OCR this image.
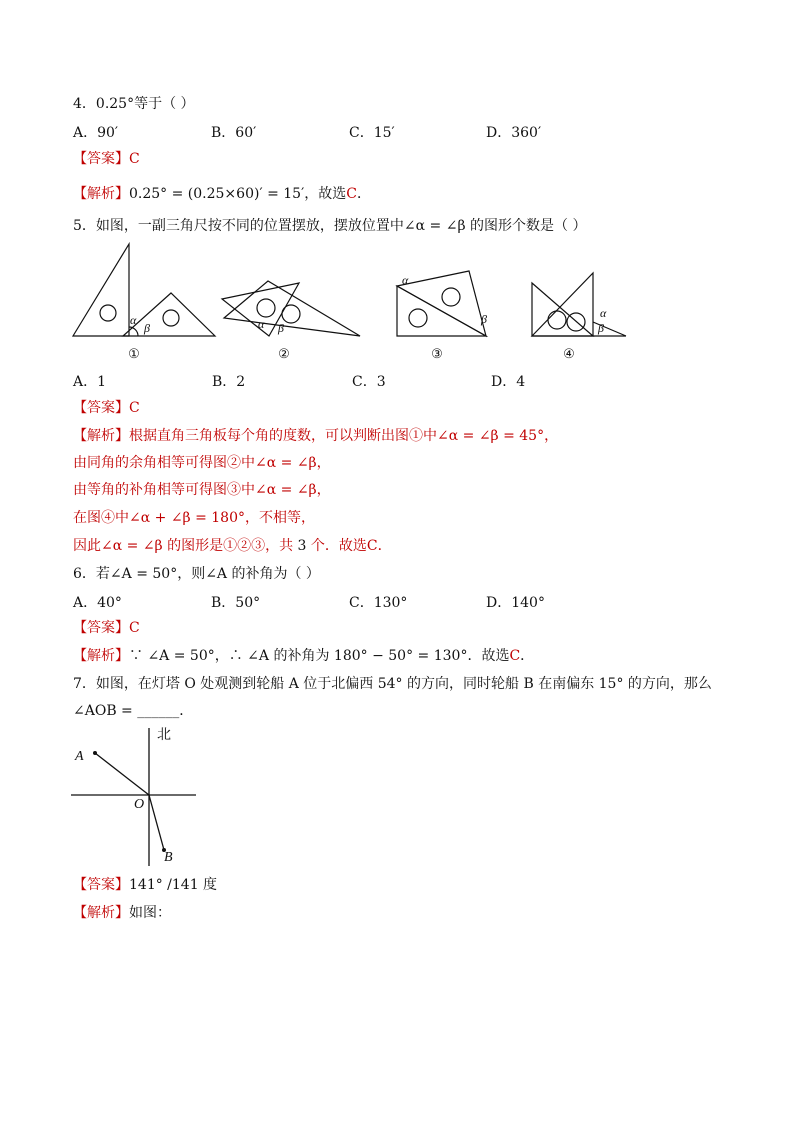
4．0.25°等于（ ）
A．90′	B．60′	C．15′	D．360′
【答案】C
【解析】0.25° = (0.25×60)′ = 15′，故选C．
5．如图，一副三角尺按不同的位置摆放，摆放位置中∠α = ∠β 的图形个数是（ ）
α
β	α β
α
β	α
β
①	②	③	④
A．1	B．2	C．3	D．4
【答案】C
【解析】根据直角三角板每个角的度数，可以判断出图①中∠α = ∠β = 45°，
由同角的余角相等可得图②中∠α = ∠β，
由等角的补角相等可得图③中∠α = ∠β，
在图④中∠α + ∠β = 180°，不相等，
因此∠α = ∠β 的图形是①②③，共 3 个．故选C．
6．若∠A = 50°，则∠A 的补角为（ ）
A．40°	B．50°	C．130°	D．140°
【答案】C
【解析】∵ ∠A = 50°，∴ ∠A 的补角为 180° − 50° = 130°．故选C．
7．如图，在灯塔 O 处观测到轮船 A 位于北偏西 54° 的方向，同时轮船 B 在南偏东 15° 的方向，那么
∠AOB = ______．
北
A
O
B
【答案】141° /141 度
【解析】如图：
